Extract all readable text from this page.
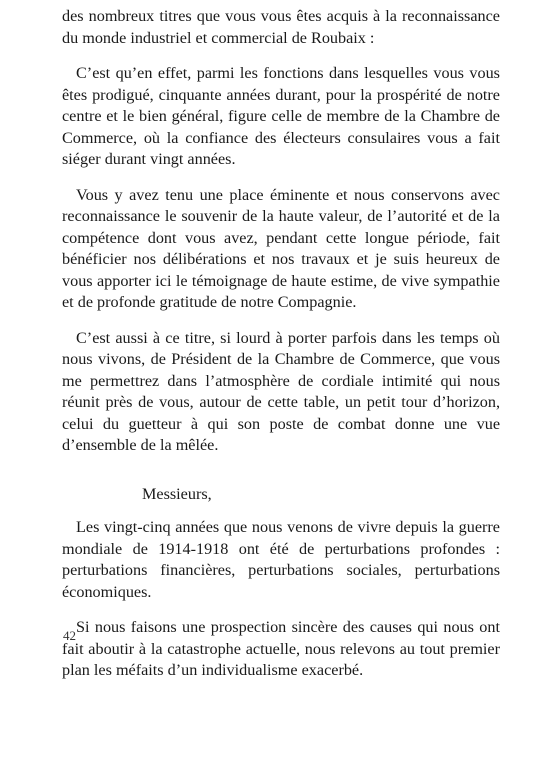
des nombreux titres que vous vous êtes acquis à la reconnaissance du monde industriel et commercial de Roubaix :

C’est qu’en effet, parmi les fonctions dans lesquelles vous vous êtes prodigué, cinquante années durant, pour la prospérité de notre centre et le bien général, figure celle de membre de la Chambre de Commerce, où la confiance des électeurs consulaires vous a fait siéger durant vingt années.

Vous y avez tenu une place éminente et nous conservons avec reconnaissance le souvenir de la haute valeur, de l’autorité et de la compétence dont vous avez, pendant cette longue période, fait bénéficier nos délibérations et nos travaux et je suis heureux de vous apporter ici le témoignage de haute estime, de vive sympathie et de profonde gratitude de notre Compagnie.

C’est aussi à ce titre, si lourd à porter parfois dans les temps où nous vivons, de Président de la Chambre de Commerce, que vous me permettrez dans l’atmosphère de cordiale intimité qui nous réunit près de vous, autour de cette table, un petit tour d’horizon, celui du guetteur à qui son poste de combat donne une vue d’ensemble de la mêlée.

Messieurs,

Les vingt-cinq années que nous venons de vivre depuis la guerre mondiale de 1914-1918 ont été de perturbations profondes : perturbations financières, perturbations sociales, perturbations économiques.

Si nous faisons une prospection sincère des causes qui nous ont fait aboutir à la catastrophe actuelle, nous relevons au tout premier plan les méfaits d’un individualisme exacerbé.

42
